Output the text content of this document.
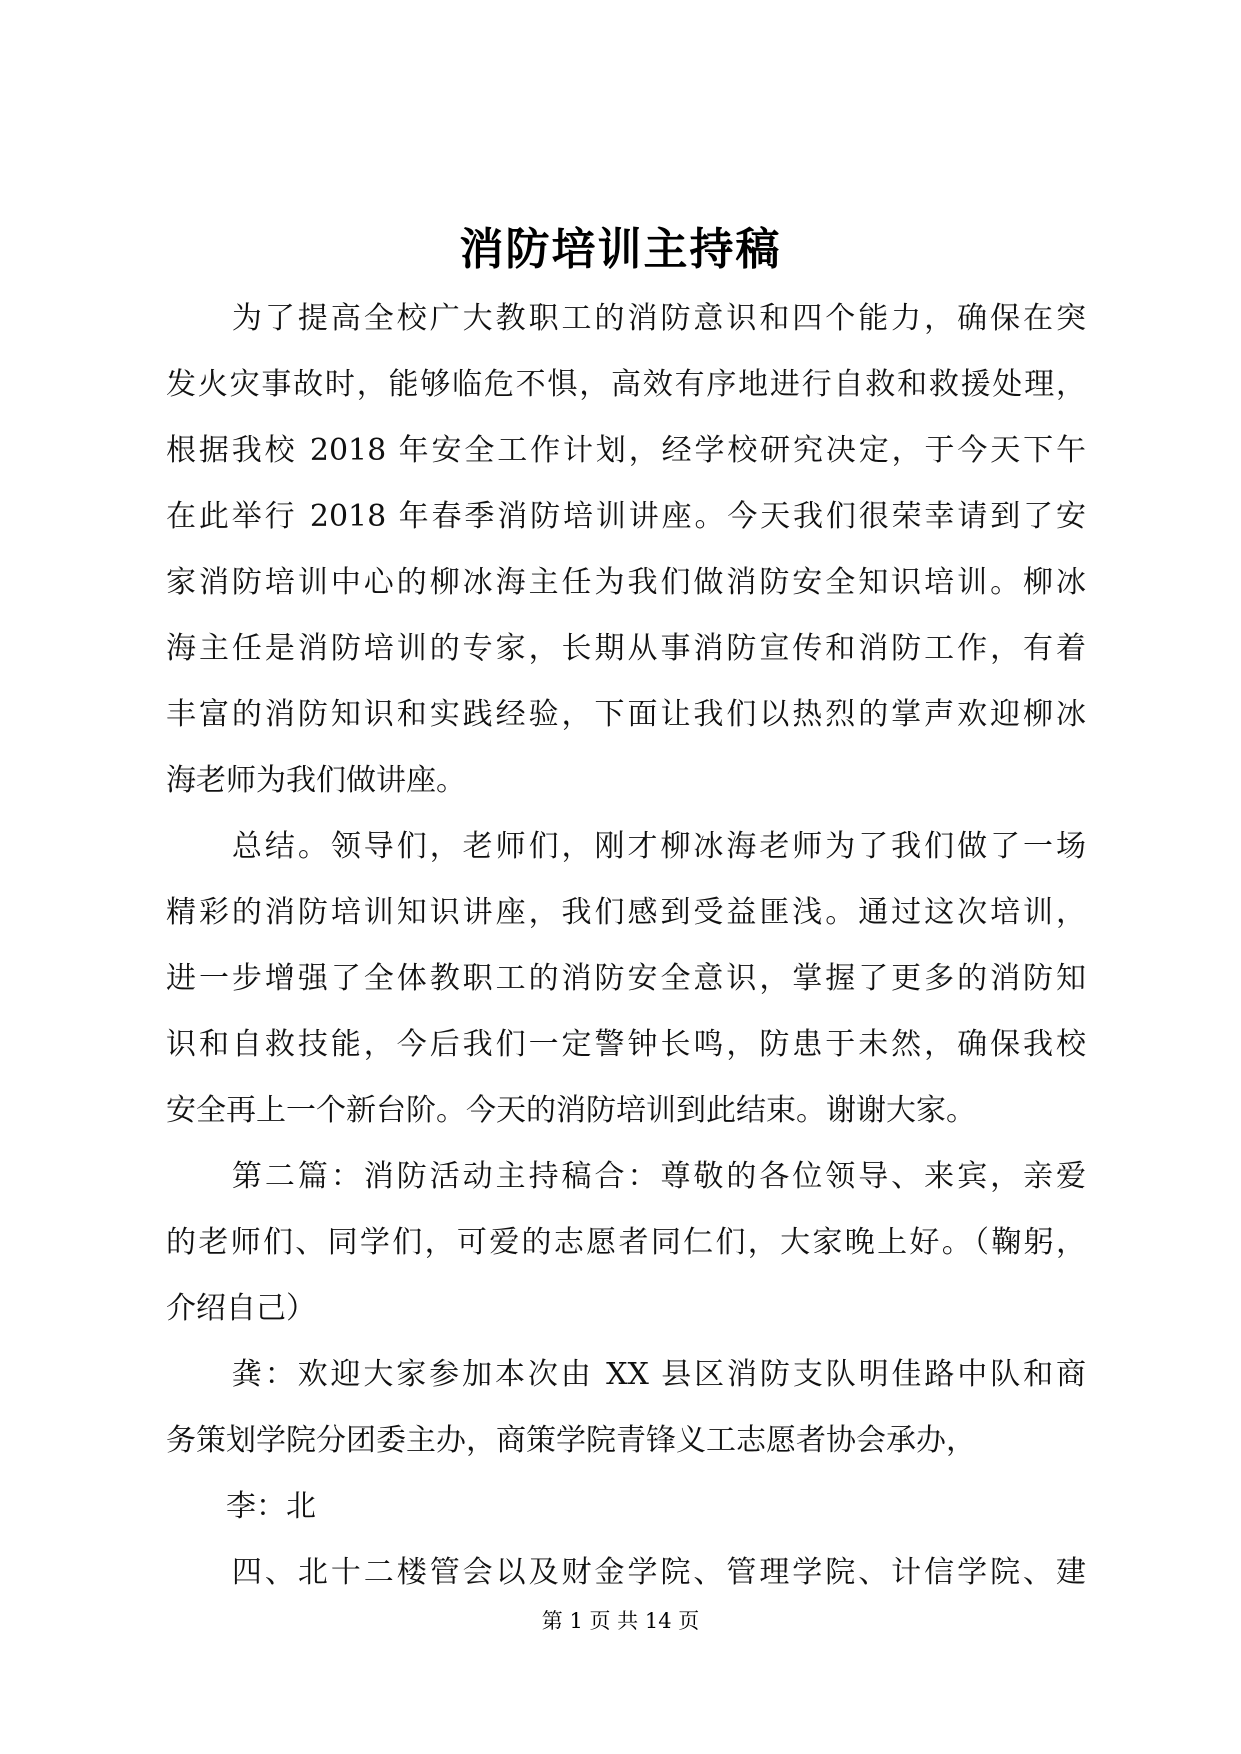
消防培训主持稿
　　为了提高全校广大教职工的消防意识和四个能力，确保在突
发火灾事故时，能够临危不惧，高效有序地进行自救和救援处理，
根据我校 2018 年安全工作计划，经学校研究决定，于今天下午
在此举行 2018 年春季消防培训讲座。今天我们很荣幸请到了安
家消防培训中心的柳冰海主任为我们做消防安全知识培训。柳冰
海主任是消防培训的专家，长期从事消防宣传和消防工作，有着
丰富的消防知识和实践经验，下面让我们以热烈的掌声欢迎柳冰
海老师为我们做讲座。
　　总结。领导们，老师们，刚才柳冰海老师为了我们做了一场
精彩的消防培训知识讲座，我们感到受益匪浅。通过这次培训，
进一步增强了全体教职工的消防安全意识，掌握了更多的消防知
识和自救技能，今后我们一定警钟长鸣，防患于未然，确保我校
安全再上一个新台阶。今天的消防培训到此结束。谢谢大家。
　　第二篇：消防活动主持稿合：尊敬的各位领导、来宾，亲爱
的老师们、同学们，可爱的志愿者同仁们，大家晚上好。（鞠躬，
介绍自己）
　　龚：欢迎大家参加本次由 XX 县区消防支队明佳路中队和商
务策划学院分团委主办，商策学院青锋义工志愿者协会承办，
　　李：北
　　四、北十二楼管会以及财金学院、管理学院、计信学院、建
第 1 页 共 14 页
